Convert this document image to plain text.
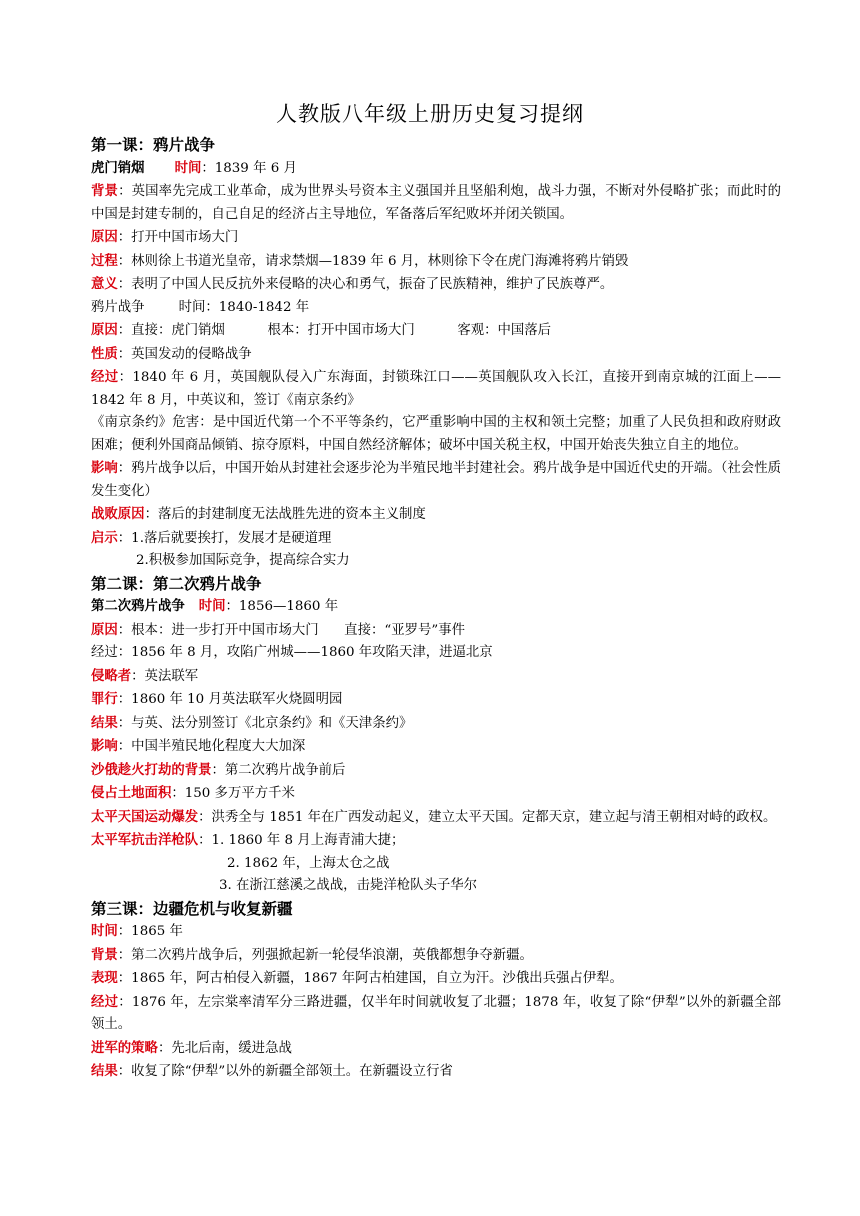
人教版八年级上册历史复习提纲
第一课：鸦片战争
虎门销烟 时间：1839 年 6 月
背景：英国率先完成工业革命，成为世界头号资本主义强国并且坚船利炮，战斗力强，不断对外侵略扩张；而此时的中国是封建专制的，自己自足的经济占主导地位，军备落后军纪败坏并闭关锁国。
原因：打开中国市场大门
过程：林则徐上书道光皇帝，请求禁烟—1839 年 6 月，林则徐下令在虎门海滩将鸦片销毁
意义：表明了中国人民反抗外来侵略的决心和勇气，振奋了民族精神，维护了民族尊严。
鸦片战争        时间：1840-1842 年
原因：直接：虎门销烟          根本：打开中国市场大门          客观：中国落后
性质：英国发动的侵略战争
经过：1840 年 6 月，英国舰队侵入广东海面，封锁珠江口——英国舰队攻入长江，直接开到南京城的江面上——1842 年 8 月，中英议和，签订《南京条约》
《南京条约》危害：是中国近代第一个不平等条约，它严重影响中国的主权和领土完整；加重了人民负担和政府财政困难；便利外国商品倾销、掠夺原料，中国自然经济解体；破坏中国关税主权，中国开始丧失独立自主的地位。
影响：鸦片战争以后，中国开始从封建社会逐步沦为半殖民地半封建社会。鸦片战争是中国近代史的开端。（社会性质发生变化）
战败原因：落后的封建制度无法战胜先进的资本主义制度
启示：1.落后就要挨打，发展才是硬道理
2.积极参加国际竞争，提高综合实力
第二课：第二次鸦片战争
第二次鸦片战争 时间：1856—1860 年
原因：根本：进一步打开中国市场大门      直接：“亚罗号”事件
经过：1856 年 8 月，攻陷广州城——1860 年攻陷天津，进逼北京
侵略者：英法联军
罪行：1860 年 10 月英法联军火烧圆明园
结果：与英、法分别签订《北京条约》和《天津条约》
影响：中国半殖民地化程度大大加深
沙俄趁火打劫的背景：第二次鸦片战争前后
侵占土地面积：150 多万平方千米
太平天国运动爆发：洪秀全与 1851 年在广西发动起义，建立太平天国。定都天京，建立起与清王朝相对峙的政权。
太平军抗击洋枪队：1. 1860 年 8 月上海青浦大捷；
2. 1862 年，上海太仓之战
3. 在浙江慈溪之战战，击毙洋枪队头子华尔
第三课：边疆危机与收复新疆
时间：1865 年
背景：第二次鸦片战争后，列强掀起新一轮侵华浪潮，英俄都想争夺新疆。
表现：1865 年，阿古柏侵入新疆，1867 年阿古柏建国，自立为汗。沙俄出兵强占伊犁。
经过：1876 年，左宗棠率清军分三路进疆，仅半年时间就收复了北疆；1878 年，收复了除“伊犁”以外的新疆全部领土。
进军的策略：先北后南，缓进急战
结果：收复了除“伊犁”以外的新疆全部领土。在新疆设立行省
